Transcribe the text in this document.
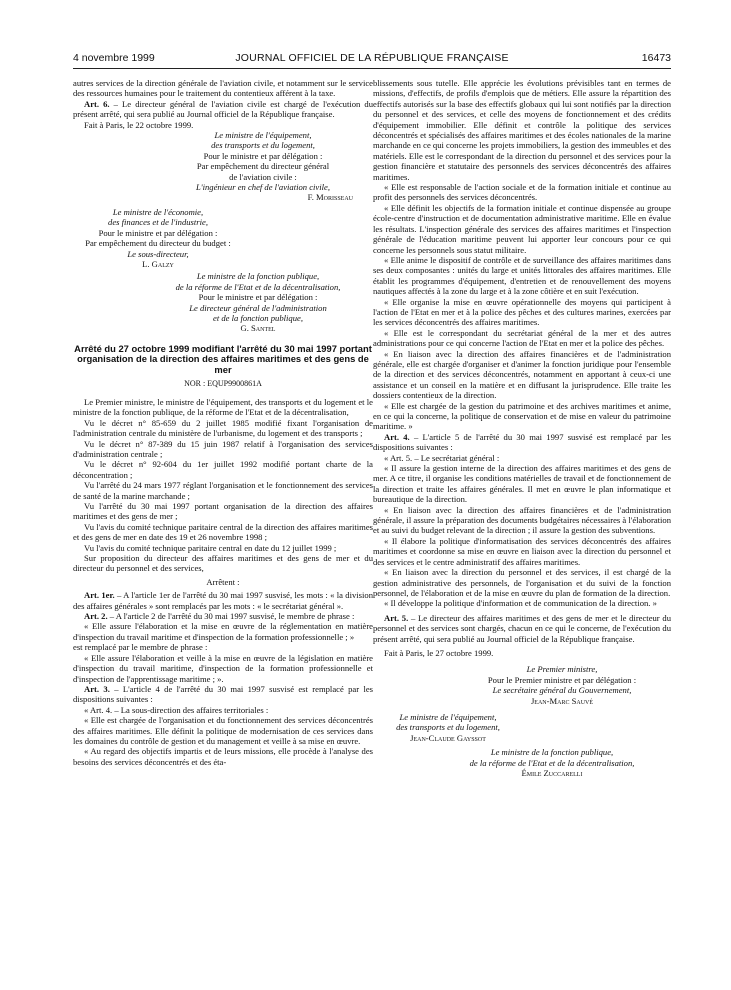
4 novembre 1999	JOURNAL OFFICIEL DE LA RÉPUBLIQUE FRANÇAISE	16473

autres services de la direction générale de l'aviation civile, et notamment sur le service des ressources humaines pour le traitement du contentieux afférent à la taxe.

Art. 6. – Le directeur général de l'aviation civile est chargé de l'exécution du présent arrêté, qui sera publié au Journal officiel de la République française.

Fait à Paris, le 22 octobre 1999.

Le ministre de l'équipement,
des transports et du logement,
Pour le ministre et par délégation :
Par empêchement du directeur général
de l'aviation civile :
L'ingénieur en chef de l'aviation civile,
F. Morisseau
Le ministre de l'économie,
des finances et de l'industrie,
Pour le ministre et par délégation :
Par empêchement du directeur du budget :
Le sous-directeur,
L. Galzy
Le ministre de la fonction publique,
de la réforme de l'Etat et de la décentralisation,
Pour le ministre et par délégation :
Le directeur général de l'administration
et de la fonction publique,
G. Santel

Arrêté du 27 octobre 1999 modifiant l'arrêté du 30 mai 1997 portant organisation de la direction des affaires maritimes et des gens de mer

NOR : EQUP9900861A

Le Premier ministre, le ministre de l'équipement, des transports et du logement et le ministre de la fonction publique, de la réforme de l'Etat et de la décentralisation,

Vu le décret n° 85-659 du 2 juillet 1985 modifié fixant l'organisation de l'administration centrale du ministère de l'urbanisme, du logement et des transports ;

Vu le décret n° 87-389 du 15 juin 1987 relatif à l'organisation des services d'administration centrale ;

Vu le décret n° 92-604 du 1er juillet 1992 modifié portant charte de la déconcentration ;

Vu l'arrêté du 24 mars 1977 réglant l'organisation et le fonctionnement des services de santé de la marine marchande ;

Vu l'arrêté du 30 mai 1997 portant organisation de la direction des affaires maritimes et des gens de mer ;

Vu l'avis du comité technique paritaire central de la direction des affaires maritimes et des gens de mer en date des 19 et 26 novembre 1998 ;

Vu l'avis du comité technique paritaire central en date du 12 juillet 1999 ;

Sur proposition du directeur des affaires maritimes et des gens de mer et du directeur du personnel et des services,

Arrêtent :

Art. 1er. – A l'article 1er de l'arrêté du 30 mai 1997 susvisé, les mots : « la division des affaires générales » sont remplacés par les mots : « le secrétariat général ».

Art. 2. – A l'article 2 de l'arrêté du 30 mai 1997 susvisé, le membre de phrase :

« Elle assure l'élaboration et la mise en œuvre de la réglementation en matière d'inspection du travail maritime et d'inspection de la formation professionnelle ; »

est remplacé par le membre de phrase :

« Elle assure l'élaboration et veille à la mise en œuvre de la législation en matière d'inspection du travail maritime, d'inspection de la formation professionnelle et d'inspection de l'apprentissage maritime ; ».

Art. 3. – L'article 4 de l'arrêté du 30 mai 1997 susvisé est remplacé par les dispositions suivantes :

« Art. 4. – La sous-direction des affaires territoriales :

« Elle est chargée de l'organisation et du fonctionnement des services déconcentrés des affaires maritimes. Elle définit la politique de modernisation de ces services dans les domaines du contrôle de gestion et du management et veille à sa mise en œuvre.

« Au regard des objectifs impartis et de leurs missions, elle procède à l'analyse des besoins des services déconcentrés et des éta-

blissements sous tutelle. Elle apprécie les évolutions prévisibles tant en termes de missions, d'effectifs, de profils d'emplois que de métiers. Elle assure la répartition des effectifs autorisés sur la base des effectifs globaux qui lui sont notifiés par la direction du personnel et des services, et celle des moyens de fonctionnement et des crédits d'équipement immobilier. Elle définit et contrôle la politique des services déconcentrés et spécialisés des affaires maritimes et des écoles nationales de la marine marchande en ce qui concerne les projets immobiliers, la gestion des immeubles et des matériels. Elle est le correspondant de la direction du personnel et des services pour la gestion financière et statutaire des personnels des services déconcentrés des affaires maritimes.

« Elle est responsable de l'action sociale et de la formation initiale et continue au profit des personnels des services déconcentrés.

« Elle définit les objectifs de la formation initiale et continue dispensée au groupe école-centre d'instruction et de documentation administrative maritime. Elle en évalue les résultats. L'inspection générale des services des affaires maritimes et l'inspection générale de l'éducation maritime peuvent lui apporter leur concours pour ce qui concerne les personnels sous statut militaire.

« Elle anime le dispositif de contrôle et de surveillance des affaires maritimes dans ses deux composantes : unités du large et unités littorales des affaires maritimes. Elle établit les programmes d'équipement, d'entretien et de renouvellement des moyens nautiques affectés à la zone du large et à la zone côtière et en suit l'exécution.

« Elle organise la mise en œuvre opérationnelle des moyens qui participent à l'action de l'Etat en mer et à la police des pêches et des cultures marines, exercées par les services déconcentrés des affaires maritimes.

« Elle est le correspondant du secrétariat général de la mer et des autres administrations pour ce qui concerne l'action de l'Etat en mer et la police des pêches.

« En liaison avec la direction des affaires financières et de l'administration générale, elle est chargée d'organiser et d'animer la fonction juridique pour l'ensemble de la direction et des services déconcentrés, notamment en apportant à ceux-ci une assistance et un conseil en la matière et en diffusant la jurisprudence. Elle traite les dossiers contentieux de la direction.

« Elle est chargée de la gestion du patrimoine et des archives maritimes et anime, en ce qui la concerne, la politique de conservation et de mise en valeur du patrimoine maritime. »

Art. 4. – L'article 5 de l'arrêté du 30 mai 1997 susvisé est remplacé par les dispositions suivantes :

« Art. 5. – Le secrétariat général :

« Il assure la gestion interne de la direction des affaires maritimes et des gens de mer. A ce titre, il organise les conditions matérielles de travail et de fonctionnement de la direction et traite les affaires générales. Il met en œuvre le plan informatique et bureautique de la direction.

« En liaison avec la direction des affaires financières et de l'administration générale, il assure la préparation des documents budgétaires nécessaires à l'élaboration et au suivi du budget relevant de la direction ; il assure la gestion des subventions.

« Il élabore la politique d'informatisation des services déconcentrés des affaires maritimes et coordonne sa mise en œuvre en liaison avec la direction du personnel et des services et le centre administratif des affaires maritimes.

« En liaison avec la direction du personnel et des services, il est chargé de la gestion administrative des personnels, de l'organisation et du suivi de la fonction personnel, de l'élaboration et de la mise en œuvre du plan de formation de la direction.

« Il développe la politique d'information et de communication de la direction. »

Art. 5. – Le directeur des affaires maritimes et des gens de mer et le directeur du personnel et des services sont chargés, chacun en ce qui le concerne, de l'exécution du présent arrêté, qui sera publié au Journal officiel de la République française.

Fait à Paris, le 27 octobre 1999.

Le Premier ministre,
Pour le Premier ministre et par délégation :
Le secrétaire général du Gouvernement,
Jean-Marc Sauvé
Le ministre de l'équipement,
des transports et du logement,
Jean-Claude Gayssot
Le ministre de la fonction publique,
de la réforme de l'Etat et de la décentralisation,
Émile Zuccarelli
